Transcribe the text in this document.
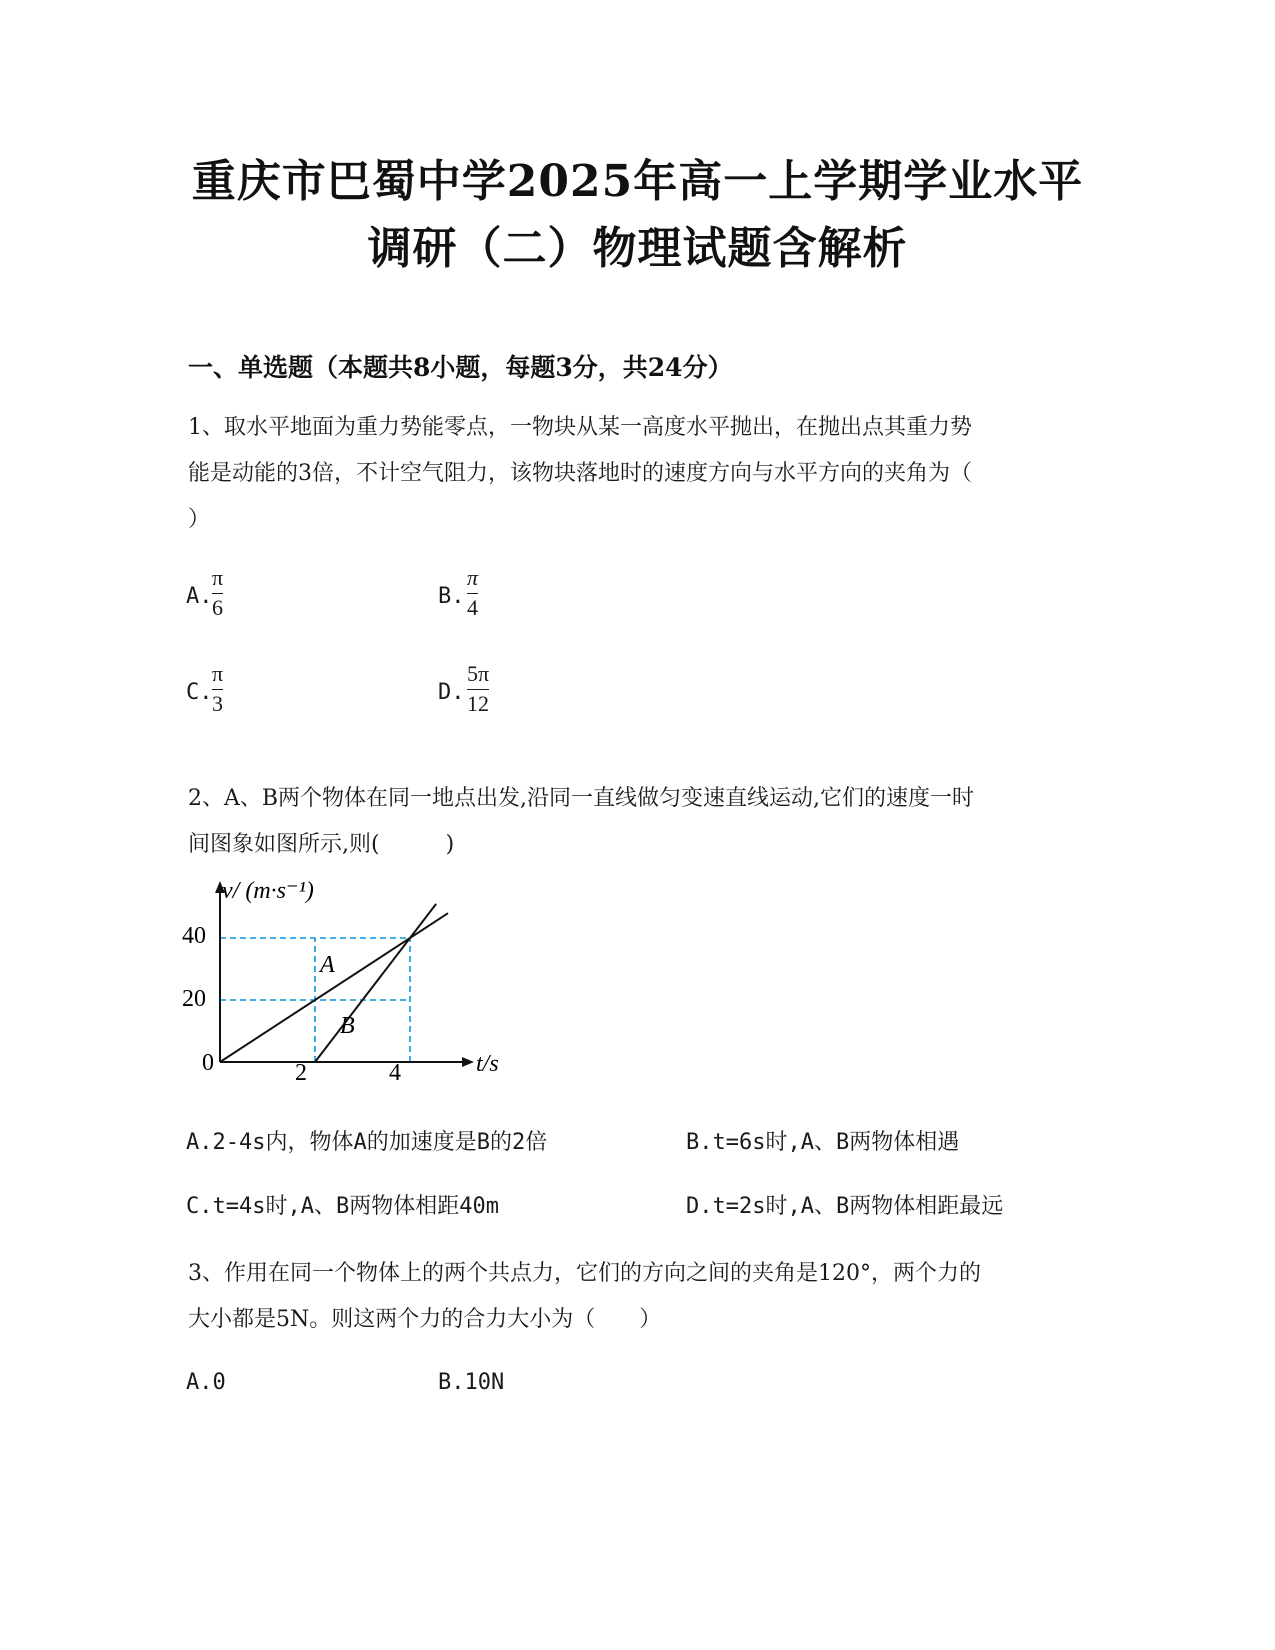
重庆市巴蜀中学2025年高一上学期学业水平
调研（二）物理试题含解析
一、单选题（本题共8小题，每题3分，共24分）
1、取水平地面为重力势能零点，一物块从某一高度水平抛出，在抛出点其重力势
能是动能的3倍，不计空气阻力，该物块落地时的速度方向与水平方向的夹角为（
）
A.
π
6	B.
π
4
C.
π
3	D.
5π
12
2、A、B两个物体在同一地点出发,沿同一直线做匀变速直线运动,它们的速度一时
间图象如图所示,则(　　　)
v/ (m·s⁻¹)
t/s
0
20
40
2	4
A
B
A.2-4s内，物体A的加速度是B的2倍	B.t=6s时,A、B两物体相遇
C.t=4s时,A、B两物体相距40m	D.t=2s时,A、B两物体相距最远
3、作用在同一个物体上的两个共点力，它们的方向之间的夹角是120°，两个力的
大小都是5N。则这两个力的合力大小为（　　）
A.0	B.10N
